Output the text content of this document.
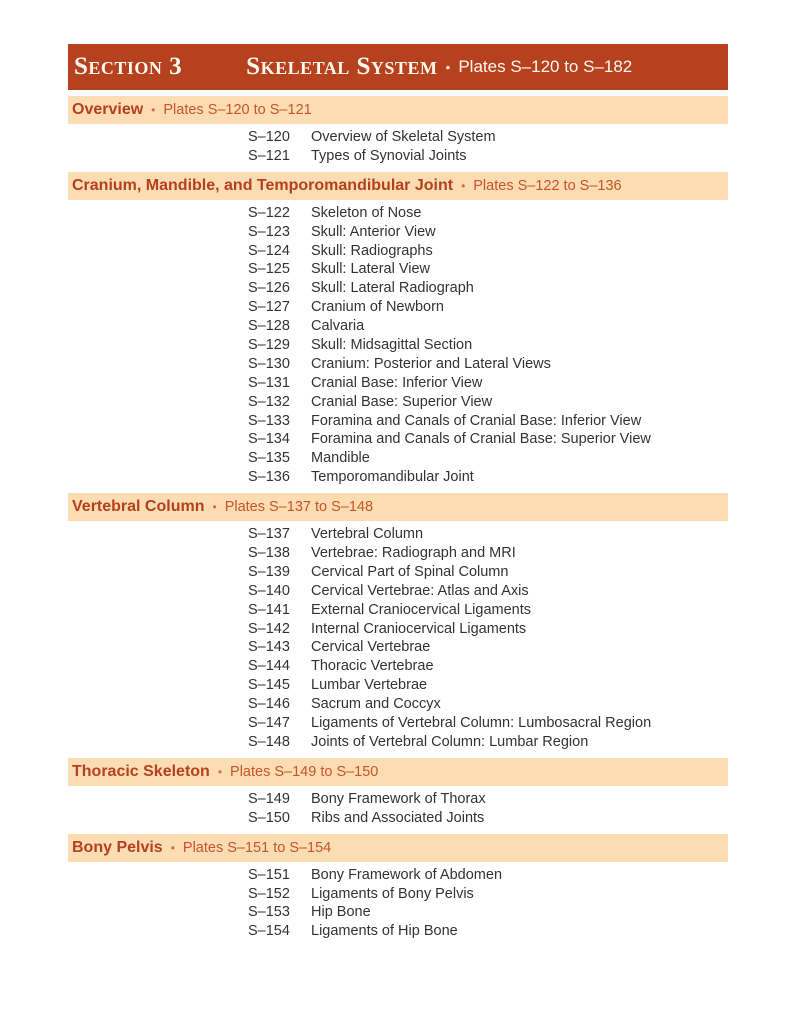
Section 3	Skeletal System • Plates S–120 to S–182
Overview • Plates S–120 to S–121
S–120	Overview of Skeletal System
S–121	Types of Synovial Joints
Cranium, Mandible, and Temporomandibular Joint • Plates S–122 to S–136
S–122	Skeleton of Nose
S–123	Skull: Anterior View
S–124	Skull: Radiographs
S–125	Skull: Lateral View
S–126	Skull: Lateral Radiograph
S–127	Cranium of Newborn
S–128	Calvaria
S–129	Skull: Midsagittal Section
S–130	Cranium: Posterior and Lateral Views
S–131	Cranial Base: Inferior View
S–132	Cranial Base: Superior View
S–133	Foramina and Canals of Cranial Base: Inferior View
S–134	Foramina and Canals of Cranial Base: Superior View
S–135	Mandible
S–136	Temporomandibular Joint
Vertebral Column • Plates S–137 to S–148
S–137	Vertebral Column
S–138	Vertebrae: Radiograph and MRI
S–139	Cervical Part of Spinal Column
S–140	Cervical Vertebrae: Atlas and Axis
S–141	External Craniocervical Ligaments
S–142	Internal Craniocervical Ligaments
S–143	Cervical Vertebrae
S–144	Thoracic Vertebrae
S–145	Lumbar Vertebrae
S–146	Sacrum and Coccyx
S–147	Ligaments of Vertebral Column: Lumbosacral Region
S–148	Joints of Vertebral Column: Lumbar Region
Thoracic Skeleton • Plates S–149 to S–150
S–149	Bony Framework of Thorax
S–150	Ribs and Associated Joints
Bony Pelvis • Plates S–151 to S–154
S–151	Bony Framework of Abdomen
S–152	Ligaments of Bony Pelvis
S–153	Hip Bone
S–154	Ligaments of Hip Bone
